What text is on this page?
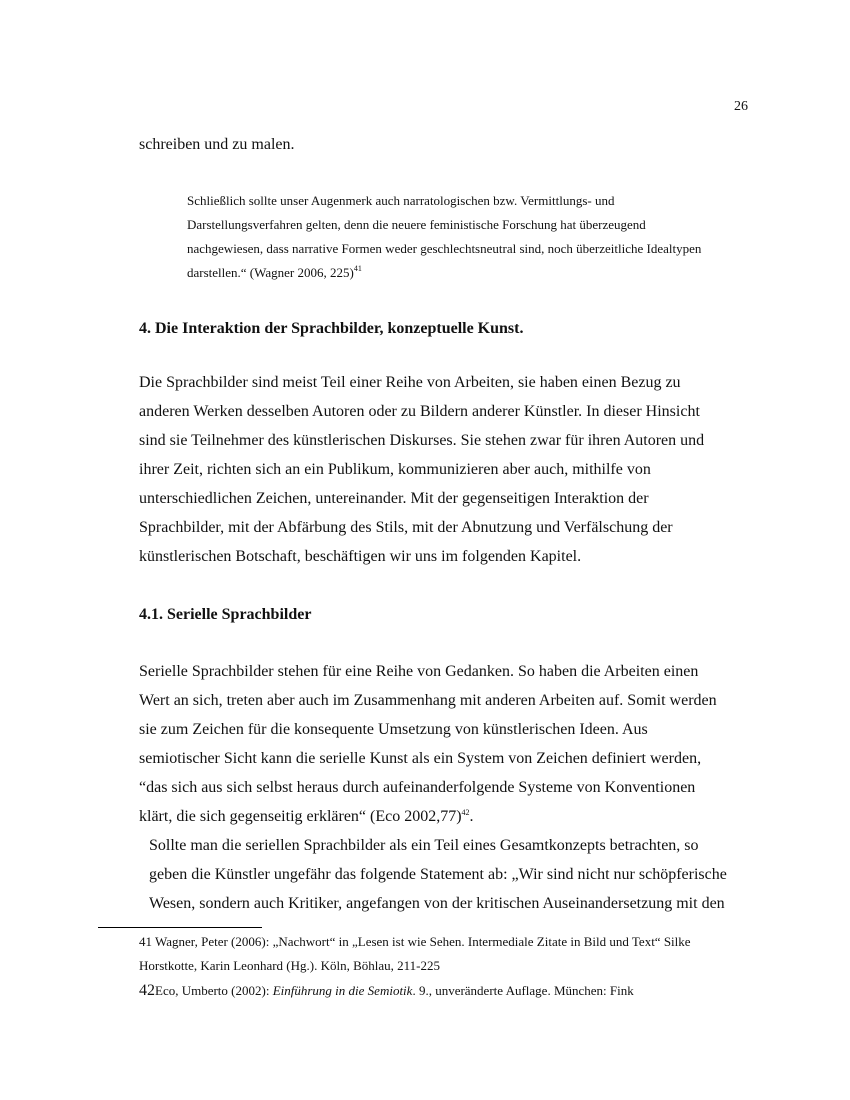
26
schreiben und zu malen.
Schließlich sollte unser Augenmerk auch narratologischen bzw. Vermittlungs- und
Darstellungsverfahren gelten, denn die neuere feministische Forschung hat überzeugend
nachgewiesen, dass narrative Formen weder geschlechtsneutral sind, noch überzeitliche Idealtypen
darstellen.“ (Wagner 2006, 225)$^{41}$
4. Die Interaktion der Sprachbilder, konzeptuelle Kunst.
Die Sprachbilder sind meist Teil einer Reihe von Arbeiten, sie haben einen Bezug zu
anderen Werken desselben Autoren oder zu Bildern anderer Künstler. In dieser Hinsicht
sind sie Teilnehmer des künstlerischen Diskurses. Sie stehen zwar für ihren Autoren und
ihrer Zeit, richten sich an ein Publikum, kommunizieren aber auch, mithilfe von
unterschiedlichen Zeichen, untereinander. Mit der gegenseitigen Interaktion der
Sprachbilder, mit der Abfärbung des Stils, mit der Abnutzung und Verfälschung der
künstlerischen Botschaft, beschäftigen wir uns im folgenden Kapitel.
4.1. Serielle Sprachbilder
Serielle Sprachbilder stehen für eine Reihe von Gedanken. So haben die Arbeiten einen
Wert an sich, treten aber auch im Zusammenhang mit anderen Arbeiten auf. Somit werden
sie zum Zeichen für die konsequente Umsetzung von künstlerischen Ideen. Aus
semiotischer Sicht kann die serielle Kunst als ein System von Zeichen definiert werden,
“das sich aus sich selbst heraus durch aufeinanderfolgende Systeme von Konventionen
klärt, die sich gegenseitig erklären“ (Eco 2002,77)$^{42}$.
Sollte man die seriellen Sprachbilder als ein Teil eines Gesamtkonzepts betrachten, so
geben die Künstler ungefähr das folgende Statement ab: „Wir sind nicht nur schöpferische
Wesen, sondern auch Kritiker, angefangen von der kritischen Auseinandersetzung mit den
41 Wagner, Peter (2006): „Nachwort“ in „Lesen ist wie Sehen. Intermediale Zitate in Bild und Text“ Silke
Horstkotte, Karin Leonhard (Hg.). Köln, Böhlau, 211-225
42Eco, Umberto (2002): Einführung in die Semiotik. 9., unveränderte Auflage. München: Fink
